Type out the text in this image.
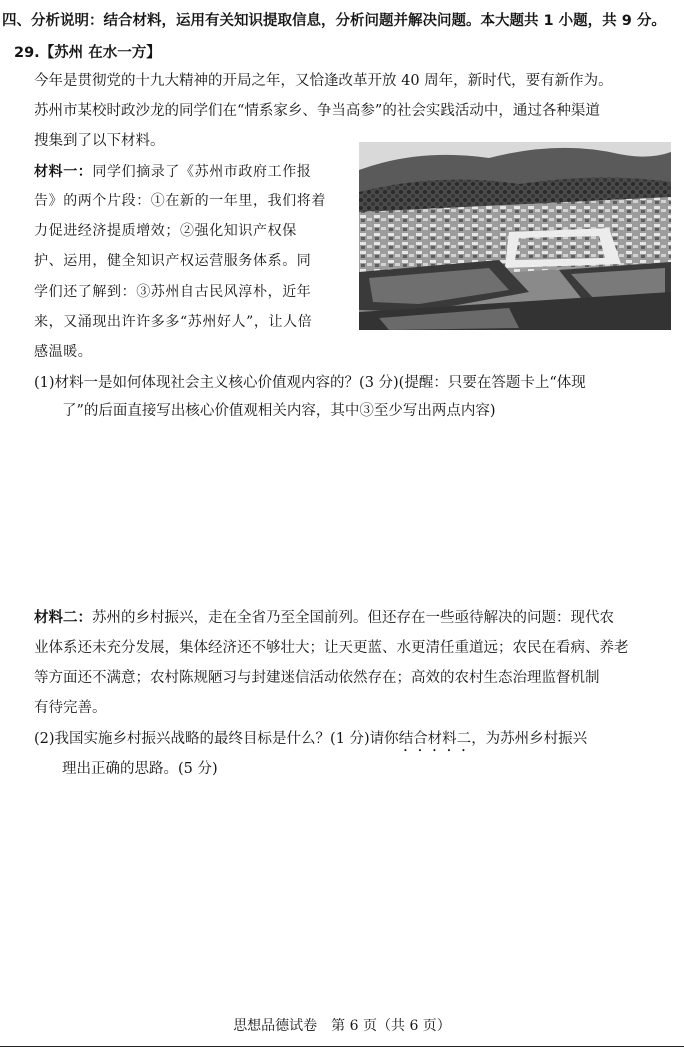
四、分析说明：结合材料，运用有关知识提取信息，分析问题并解决问题。本大题共 1 小题，共 9 分。
29.【苏州 在水一方】
今年是贯彻党的十九大精神的开局之年，又恰逢改革开放 40 周年，新时代，要有新作为。
苏州市某校时政沙龙的同学们在“情系家乡、争当高参”的社会实践活动中，通过各种渠道
搜集到了以下材料。
材料一：同学们摘录了《苏州市政府工作报
告》的两个片段：①在新的一年里，我们将着
力促进经济提质增效；②强化知识产权保
护、运用，健全知识产权运营服务体系。同
学们还了解到：③苏州自古民风淳朴，近年
来，又涌现出许许多多“苏州好人”，让人倍
感温暖。
(1)材料一是如何体现社会主义核心价值观内容的？(3 分)(提醒：只要在答题卡上“体现
了”的后面直接写出核心价值观相关内容，其中③至少写出两点内容)
材料二：苏州的乡村振兴，走在全省乃至全国前列。但还存在一些亟待解决的问题：现代农
业体系还未充分发展，集体经济还不够壮大；让天更蓝、水更清任重道远；农民在看病、养老
等方面还不满意；农村陈规陋习与封建迷信活动依然存在；高效的农村生态治理监督机制
有待完善。
(2)我国实施乡村振兴战略的最终目标是什么？(1 分)请你结合材料二，为苏州乡村振兴
理出正确的思路。(5 分)
思想品德试卷　第 6 页（共 6 页）
